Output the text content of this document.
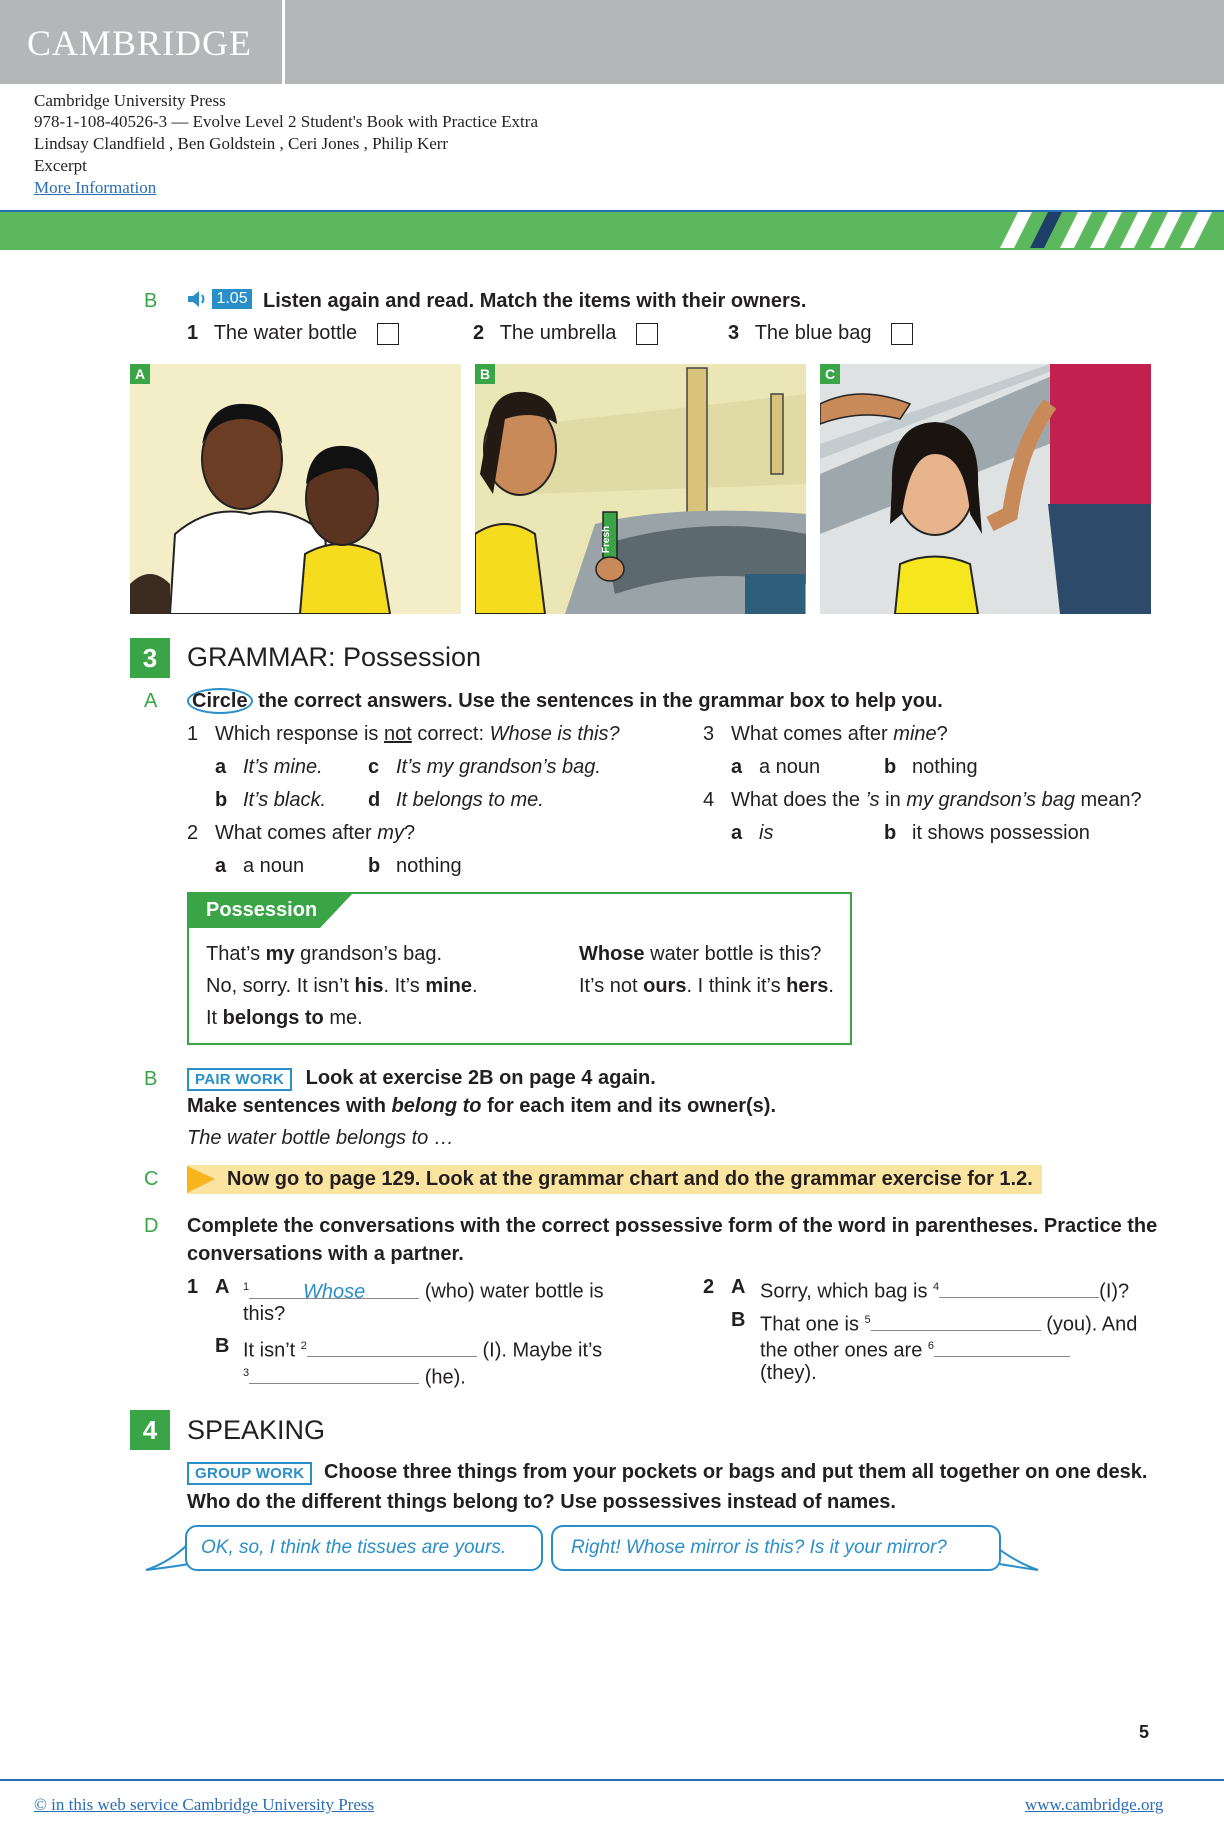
CAMBRIDGE
Cambridge University Press
978-1-108-40526-3 — Evolve Level 2 Student's Book with Practice Extra
Lindsay Clandfield , Ben Goldstein , Ceri Jones , Philip Kerr
Excerpt
More Information
B	1.05 Listen again and read. Match the items with their owners.
1 The water bottle	2 The umbrella	3 The blue bag
A
Fresh
B	C
3	GRAMMAR: Possession
A Circle the correct answers. Use the sentences in the grammar box to help you.
1 Which response is not correct: Whose is this?
a It’s mine. c It’s my grandson’s bag.
b It’s black. d It belongs to me.
2 What comes after my?
a a noun	b nothing
3 What comes after mine?
a a noun	b nothing
4 What does the ’s in my grandson’s bag mean?
a is	b it shows possession
Possession
That’s my grandson’s bag.
No, sorry. It isn’t his. It’s mine.
It belongs to me.
Whose water bottle is this?
It’s not ours. I think it’s hers.
B	PAIR WORK Look at exercise 2B on page 4 again.
Make sentences with belong to for each item and its owner(s).
The water bottle belongs to …
C	Now go to page 129. Look at the grammar chart and do the grammar exercise for 1.2.
D Complete the conversations with the correct possessive form of the word in parentheses. Practice the
conversations with a partner.
1 A $^1$	Whose	(who) water bottle is
this?
B It isn’t $^2$	(I). Maybe it’s
$^3$	(he).
2 A Sorry, which bag is $^4$	(I)?
B That one is $^5$	(you). And
the other ones are $^6$
(they).
4	SPEAKING
GROUP WORK Choose three things from your pockets or bags and put them all together on one desk.
Who do the different things belong to? Use possessives instead of names.
OK, so, I think the tissues are yours.	Right! Whose mirror is this? Is it your mirror?
5
© in this web service Cambridge University Press	www.cambridge.org
